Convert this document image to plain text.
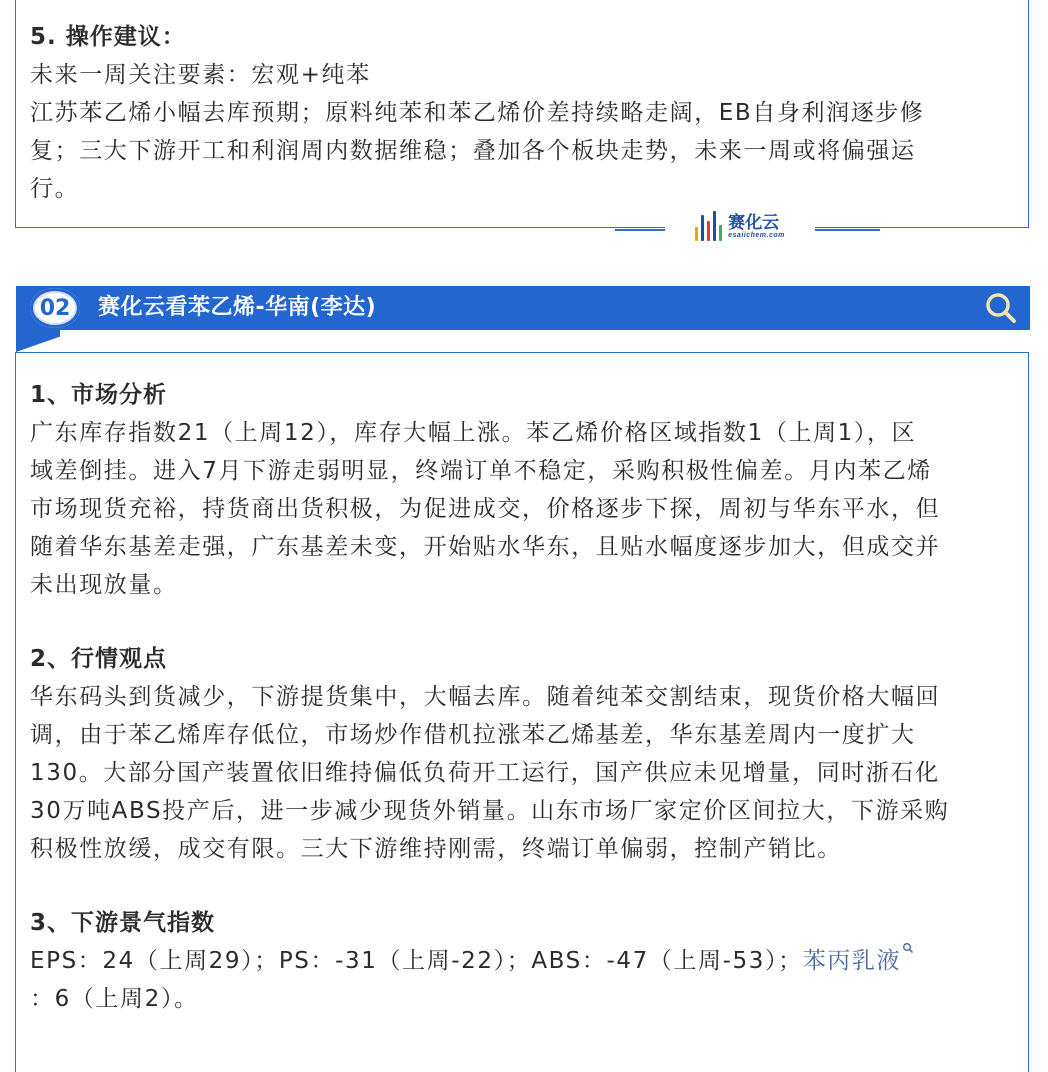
5. 操作建议：
未来一周关注要素：宏观+纯苯
江苏苯乙烯小幅去库预期；原料纯苯和苯乙烯价差持续略走阔，EB自身利润逐步修
复；三大下游开工和利润周内数据维稳；叠加各个板块走势，未来一周或将偏强运
行。
赛化云
esaiichem.com
02	赛化云看苯乙烯-华南(李达)
1、市场分析
广东库存指数21（上周12），库存大幅上涨。苯乙烯价格区域指数1（上周1），区
域差倒挂。进入7月下游走弱明显，终端订单不稳定，采购积极性偏差。月内苯乙烯
市场现货充裕，持货商出货积极，为促进成交，价格逐步下探，周初与华东平水，但
随着华东基差走强，广东基差未变，开始贴水华东，且贴水幅度逐步加大，但成交并
未出现放量。
2、行情观点
华东码头到货减少，下游提货集中，大幅去库。随着纯苯交割结束，现货价格大幅回
调，由于苯乙烯库存低位，市场炒作借机拉涨苯乙烯基差，华东基差周内一度扩大
130。大部分国产装置依旧维持偏低负荷开工运行，国产供应未见增量，同时浙石化
30万吨ABS投产后，进一步减少现货外销量。山东市场厂家定价区间拉大，下游采购
积极性放缓，成交有限。三大下游维持刚需，终端订单偏弱，控制产销比。
3、下游景气指数
EPS：24（上周29）；PS：-31（上周-22）；ABS：-47（上周-53）；苯丙乳液
：6（上周2）。
